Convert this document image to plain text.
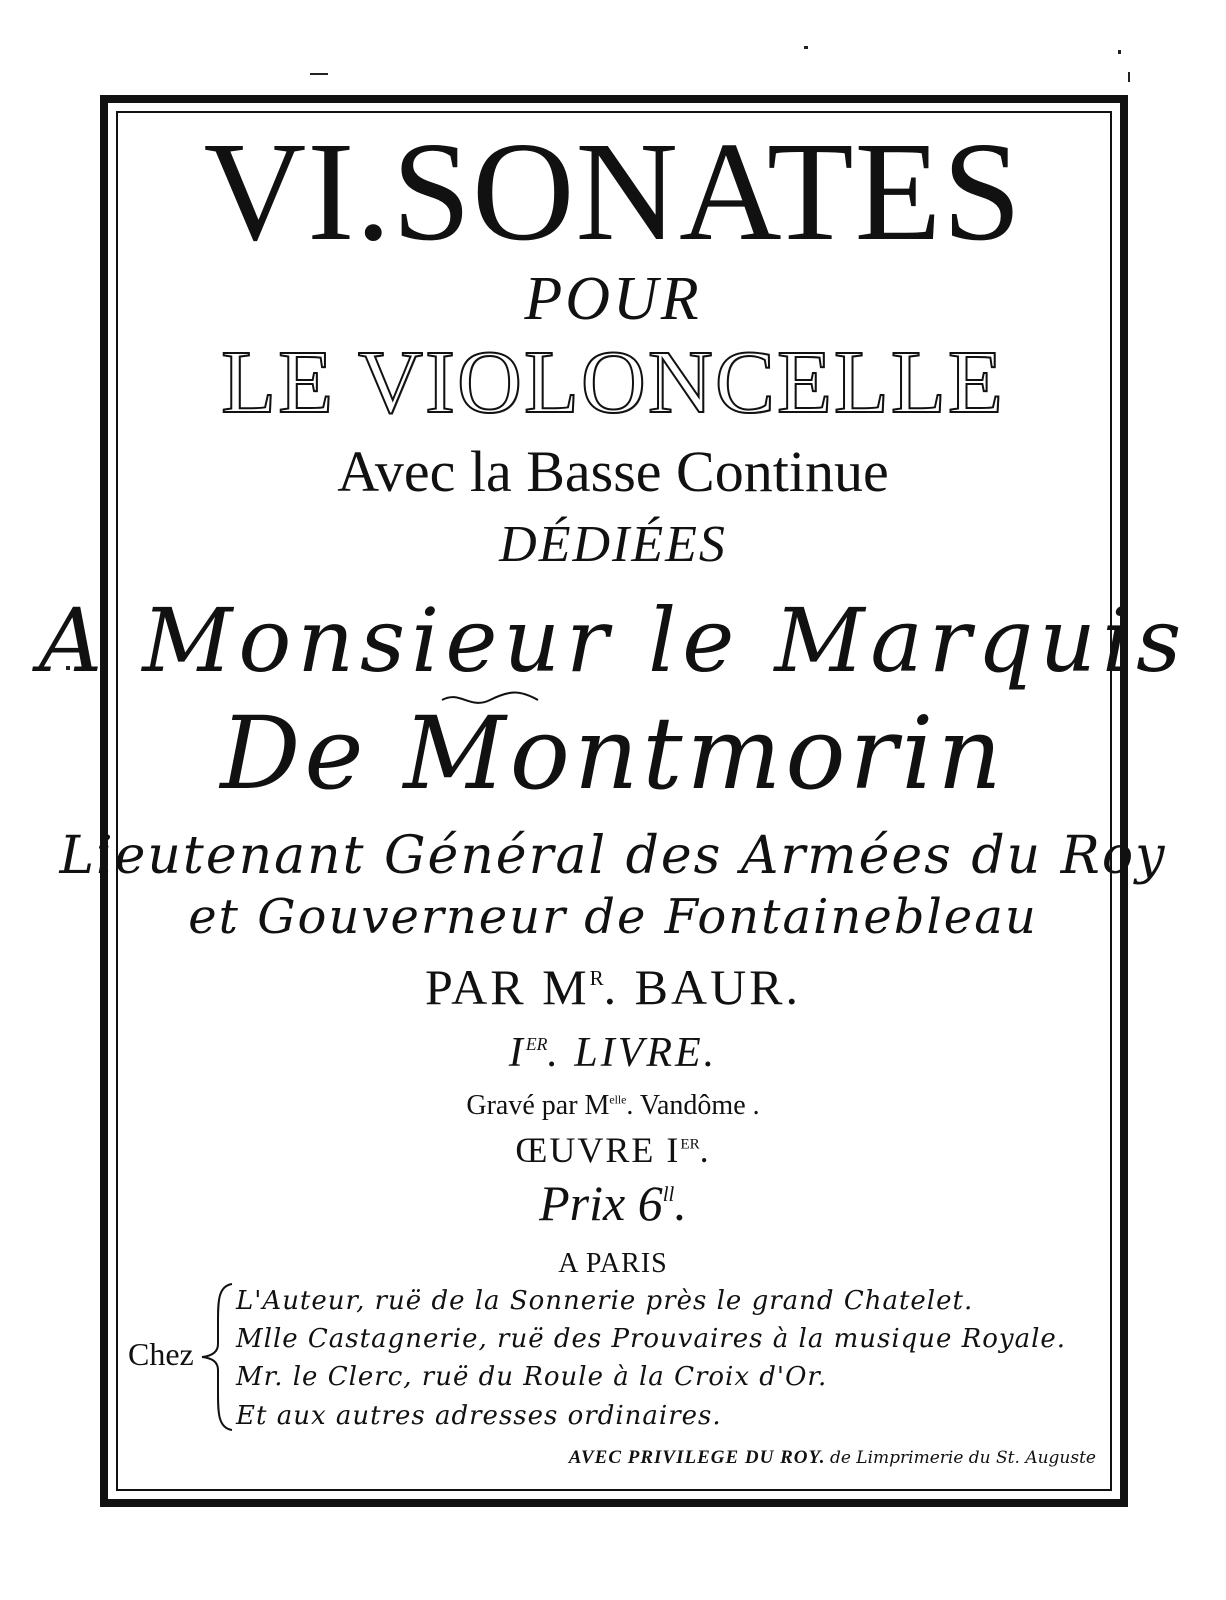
VI.SONATES
POUR
LE VIOLONCELLE
Avec la Basse Continue
DÉDIÉES
A Monsieur le Marquis
De Montmorin
Lieutenant Général des Armées du Roy
et Gouverneur de Fontainebleau
PAR $M^R$. BAUR.
IER. LIVRE.
Gravé par $M^{elle}$. Vandôme .
ŒUVRE IER.
Prix $6^{ll}$.
A PARIS
Chez
L'Auteur, ruë de la Sonnerie près le grand Chatelet.
Mlle Castagnerie, ruë des Prouvaires à la musique Royale.
Mr. le Clerc, ruë du Roule à la Croix d'Or.
Et aux autres adresses ordinaires.
AVEC PRIVILEGE DU ROY. de Limprimerie du St. Auguste
